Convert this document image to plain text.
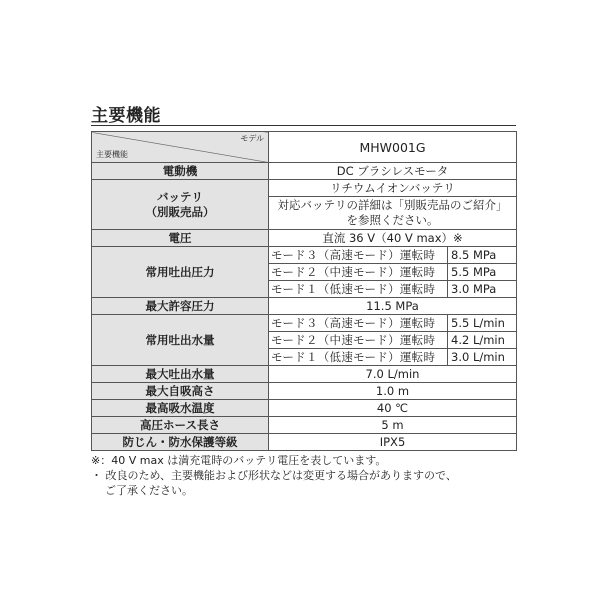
主要機能
モデル
主要機能	MHW001G	
電動機	DC ブラシレスモータ	

バッテリ
（別販売品）	リチウムイオンバッテリ	

	対応バッテリの詳細は「別販売品のご紹介」
を参照ください。	

電圧	直流 36 V（40 V max）※	
常用吐出圧力	モード３（高速モード）運転時	8.5 MPa
	モード２（中速モード）運転時	5.5 MPa
	モード１（低速モード）運転時	3.0 MPa
最大許容圧力	11.5 MPa	
常用吐出水量	モード３（高速モード）運転時	5.5 L/min
	モード２（中速モード）運転時	4.2 L/min
	モード１（低速モード）運転時	3.0 L/min
最大吐出水量	7.0 L/min	
最大自吸高さ	1.0 m	
最高吸水温度	40 ℃	
高圧ホース長さ	5 m	
防じん・防水保護等級	IPX5	
※：40 V max は満充電時のバッテリ電圧を表しています。
・ 改良のため、主要機能および形状などは変更する場合がありますので、
ご了承ください。
